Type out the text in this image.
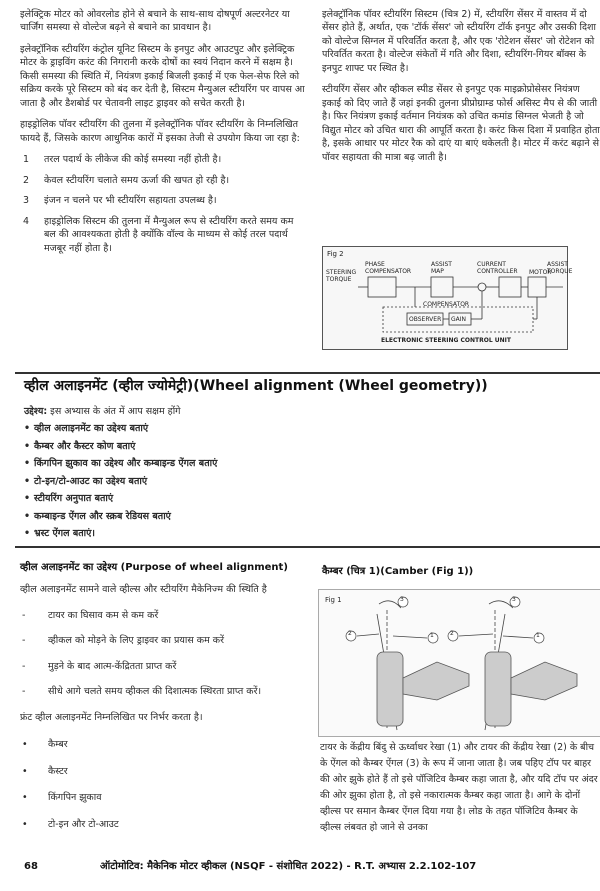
इलेक्ट्रिक मोटर को ओवरलोड होने से बचाने के साथ-साथ दोषपूर्ण अल्टरनेटर या चार्जिंग समस्या से वोल्टेज बढ़ने से बचाने का प्रावधान है।

इलेक्ट्रॉनिक स्टीयरिंग कंट्रोल यूनिट सिस्टम के इनपुट और आउटपुट और इलेक्ट्रिक मोटर के ड्राइविंग करंट की निगरानी करके दोषों का स्वयं निदान करने में सक्षम है। किसी समस्या की स्थिति में, नियंत्रण इकाई बिजली इकाई में एक फेल-सेफ रिले को सक्रिय करके पूरे सिस्टम को बंद कर देती है, सिस्टम मैन्युअल स्टीयरिंग पर वापस आ जाता है और डैशबोर्ड पर चेतावनी लाइट ड्राइवर को सचेत करती है।

हाइड्रोलिक पॉवर स्टीयरिंग की तुलना में इलेक्ट्रॉनिक पॉवर स्टीयरिंग के निम्नलिखित फायदे हैं, जिसके कारण आधुनिक कारों में इसका तेजी से उपयोग किया जा रहा है:

1 तरल पदार्थ के लीकेज की कोई समस्या नहीं होती है।
2 केवल स्टीयरिंग चलाते समय ऊर्जा की खपत हो रही है।
3 इंजन न चलने पर भी स्टीयरिंग सहायता उपलब्ध है।
4 हाइड्रोलिक सिस्टम की तुलना में मैन्युअल रूप से स्टीयरिंग करते समय कम बल की आवश्यकता होती है क्योंकि वॉल्व के माध्यम से कोई तरल पदार्थ मजबूर नहीं होता है।

इलेक्ट्रॉनिक पॉवर स्टीयरिंग सिस्टम (चित्र 2) में, स्टीयरिंग सेंसर में वास्तव में दो सेंसर होते हैं, अर्थात, एक 'टॉर्क सेंसर' जो स्टीयरिंग टॉर्क इनपुट और उसकी दिशा को वोल्टेज सिग्नल में परिवर्तित करता है, और एक 'रोटेशन सेंसर' जो रोटेशन को परिवर्तित करता है। वोल्टेज संकेतों में गति और दिशा, स्टीयरिंग-गियर बॉक्स के इनपुट शाफ्ट पर स्थित है।

स्टीयरिंग सेंसर और व्हीकल स्पीड सेंसर से इनपुट एक माइक्रोप्रोसेसर नियंत्रण इकाई को दिए जाते हैं जहां इनकी तुलना प्रीप्रोग्राम्ड फोर्स असिस्ट मैप से की जाती है। फिर नियंत्रण इकाई वर्तमान नियंत्रक को उचित कमांड सिग्नल भेजती है जो विद्युत मोटर को उचित धारा की आपूर्ति करता है। करंट किस दिशा में प्रवाहित होता है, इसके आधार पर मोटर रैक को दाएं या बाएं धकेलती है। मोटर में करंट बढ़ाने से पॉवर सहायता की मात्रा बढ़ जाती है।

Fig 2
STEERING TORQUE
PHASE COMPENSATOR
ASSIST MAP
CURRENT CONTROLLER	MOTOR
ASSIST TORQUE
COMPENSATOR
OBSERVER GAIN
ELECTRONIC STEERING CONTROL UNIT
व्हील अलाइनमेंट (व्हील ज्योमेट्री)(Wheel alignment (Wheel geometry))
उद्देश्य: इस अभ्यास के अंत में आप सक्षम होंगे
• व्हील अलाइनमेंट का उद्देश्य बताएं
• कैम्बर और कैस्टर कोण बताएं
• किंगपिन झुकाव का उद्देश्य और कम्बाइन्ड ऐंगल बताएं
• टो-इन/टो-आउट का उद्देश्य बताएं
• स्टीयरिंग अनुपात बताएं
• कम्बाइन्ड ऐंगल और स्क्रब रेडियस बताएं
• भ्रस्ट ऐंगल बताएं।
व्हील अलाइनमेंट का उद्देश्य (Purpose of wheel alignment)

व्हील अलाइनमेंट सामने वाले व्हील्स और स्टीयरिंग मैकेनिज्म की स्थिति है

- टायर का घिसाव कम से कम करें
- व्हीकल को मोड़ने के लिए ड्राइवर का प्रयास कम करें
- मुड़ने के बाद आत्म-केंद्रितता प्राप्त करें
- सीधे आगे चलते समय व्हीकल की दिशात्मक स्थिरता प्राप्त करें।

फ्रंट व्हील अलाइनमेंट निम्नलिखित पर निर्भर करता है।

• कैम्बर
• कैस्टर
• किंगपिन झुकाव
• टो-इन और टो-आउट
कैम्बर (चित्र 1)(Camber (Fig 1))
Fig 1	3
2	1
3
2	1

टायर के केंद्रीय बिंदु से ऊर्ध्वाधर रेखा (1) और टायर की केंद्रीय रेखा (2) के बीच के ऐंगल को कैम्बर ऐंगल (3) के रूप में जाना जाता है। जब पहिए टॉप पर बाहर की ओर झुके होते हैं तो इसे पॉजिटिव कैम्बर कहा जाता है, और यदि टॉप पर अंदर की ओर झुका होता है, तो इसे नकारात्मक कैम्बर कहा जाता है। आगे के दोनों व्हील्स पर समान कैम्बर ऐंगल दिया गया है। लोड के तहत पॉजिटिव कैम्बर के व्हील्स लंबवत हो जाने से उनका

68	ऑटोमोटिव: मैकेनिक मोटर व्हीकल (NSQF - संशोधित 2022) - R.T. अभ्यास 2.2.102-107
